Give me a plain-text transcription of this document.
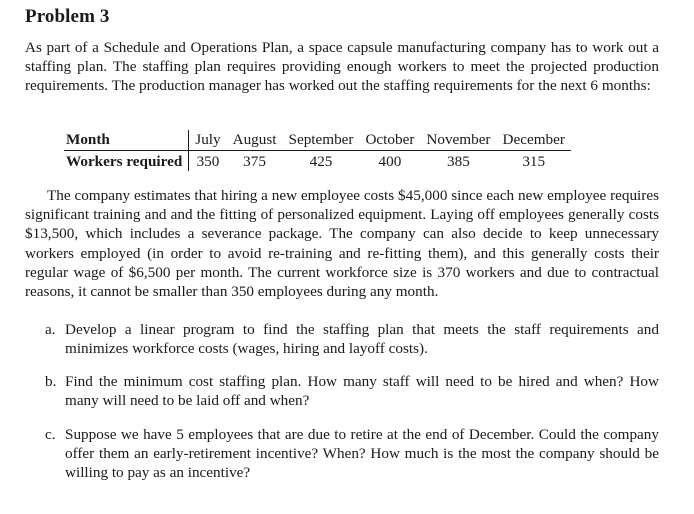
Problem 3

As part of a Schedule and Operations Plan, a space capsule manufacturing company has to work out a staffing plan. The staffing plan requires providing enough workers to meet the projected production requirements. The production manager has worked out the staffing requirements for the next 6 months:

Month	July	August	September	October	November	December
Workers required	350	375	425	400	385	315

The company estimates that hiring a new employee costs $45,000 since each new employee requires significant training and and the fitting of personalized equipment. Laying off employees generally costs $13,500, which includes a severance package. The company can also decide to keep unnecessary workers employed (in order to avoid re-training and re-fitting them), and this generally costs their regular wage of $6,500 per month. The current workforce size is 370 workers and due to contractual reasons, it cannot be smaller than 350 employees during any month.

a. Develop a linear program to find the staffing plan that meets the staff requirements and minimizes workforce costs (wages, hiring and layoff costs).
b. Find the minimum cost staffing plan. How many staff will need to be hired and when? How many will need to be laid off and when?
c. Suppose we have 5 employees that are due to retire at the end of December. Could the company offer them an early-retirement incentive? When? How much is the most the company should be willing to pay as an incentive?
